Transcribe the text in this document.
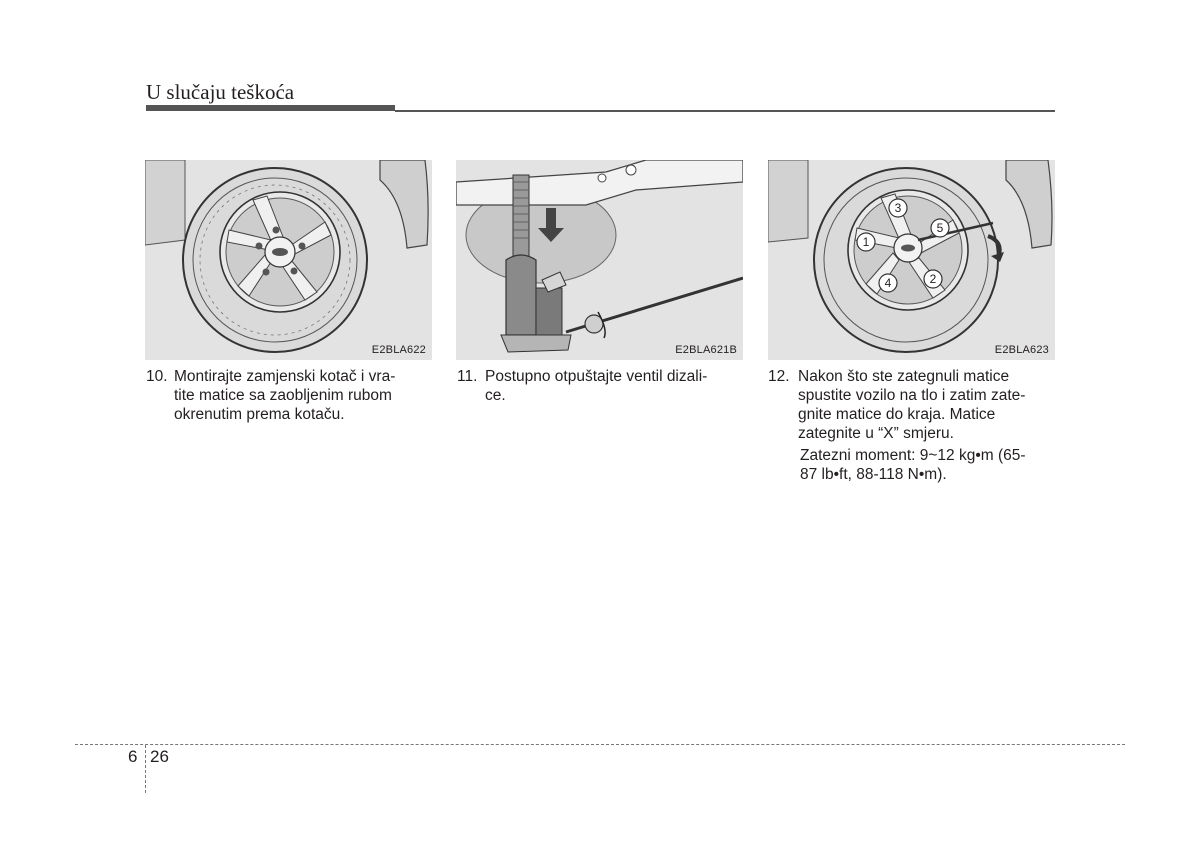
U slučaju teškoća
E2BLA622	E2BLA621B
1
2
3
4
5
E2BLA623
10. Montirajte zamjenski kotač i vra-
tite matice sa zaobljenim rubom
okrenutim prema kotaču.
11. Postupno otpuštajte ventil dizali-
ce.
12. Nakon što ste zategnuli matice
spustite vozilo na tlo i zatim zate-
gnite matice do kraja. Matice
zategnite u “X” smjeru.
Zatezni moment: 9~12 kg•m (65-
87 lb•ft, 88-118 N•m).
6 26
